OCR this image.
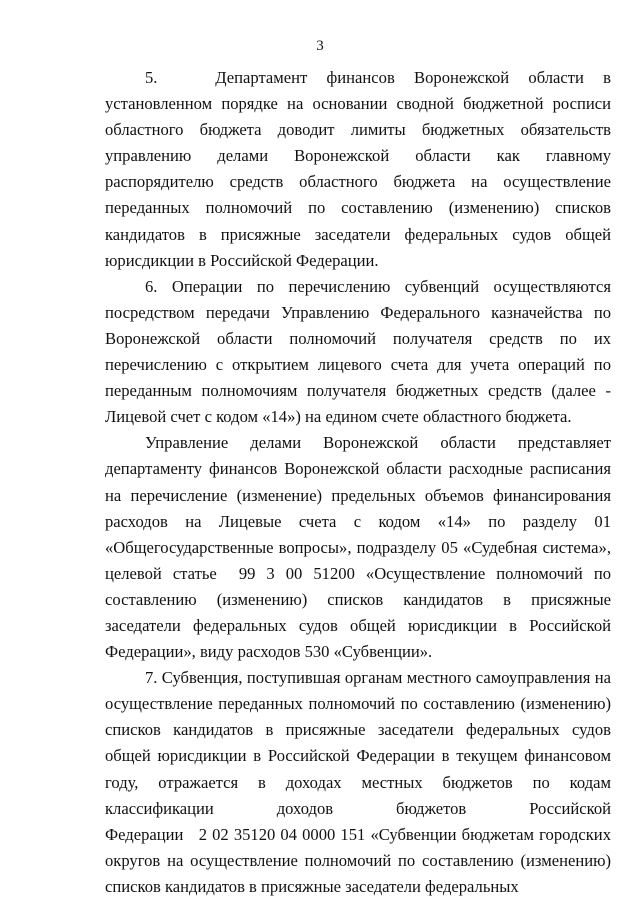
3

5.   Департамент финансов Воронежской области в установленном порядке на основании сводной бюджетной росписи областного бюджета доводит лимиты бюджетных обязательств управлению делами Воронежской области как главному распорядителю средств областного бюджета на осуществление переданных полномочий по составлению (изменению) списков кандидатов в присяжные заседатели федеральных судов общей юрисдикции в Российской Федерации.

6. Операции по перечислению субвенций осуществляются посредством передачи Управлению Федерального казначейства по Воронежской области полномочий получателя средств по их перечислению с открытием лицевого счета для учета операций по переданным полномочиям получателя бюджетных средств (далее - Лицевой счет с кодом «14») на едином счете областного бюджета.

Управление делами Воронежской области представляет департаменту финансов Воронежской области расходные расписания на перечисление (изменение) предельных объемов финансирования расходов на Лицевые счета с кодом «14» по разделу 01 «Общегосударственные вопросы», подразделу 05 «Судебная система», целевой статье  99 3 00 51200 «Осуществление полномочий по составлению (изменению) списков кандидатов в присяжные заседатели федеральных судов общей юрисдикции в Российской Федерации», виду расходов 530 «Субвенции».

7. Субвенция, поступившая органам местного самоуправления на осуществление переданных полномочий по составлению (изменению) списков кандидатов в присяжные заседатели федеральных судов общей юрисдикции в Российской Федерации в текущем финансовом году, отражается в доходах местных бюджетов по кодам классификации доходов бюджетов Российской Федерации   2 02 35120 04 0000 151 «Субвенции бюджетам городских округов на осуществление полномочий по составлению (изменению) списков кандидатов в присяжные заседатели федеральных
